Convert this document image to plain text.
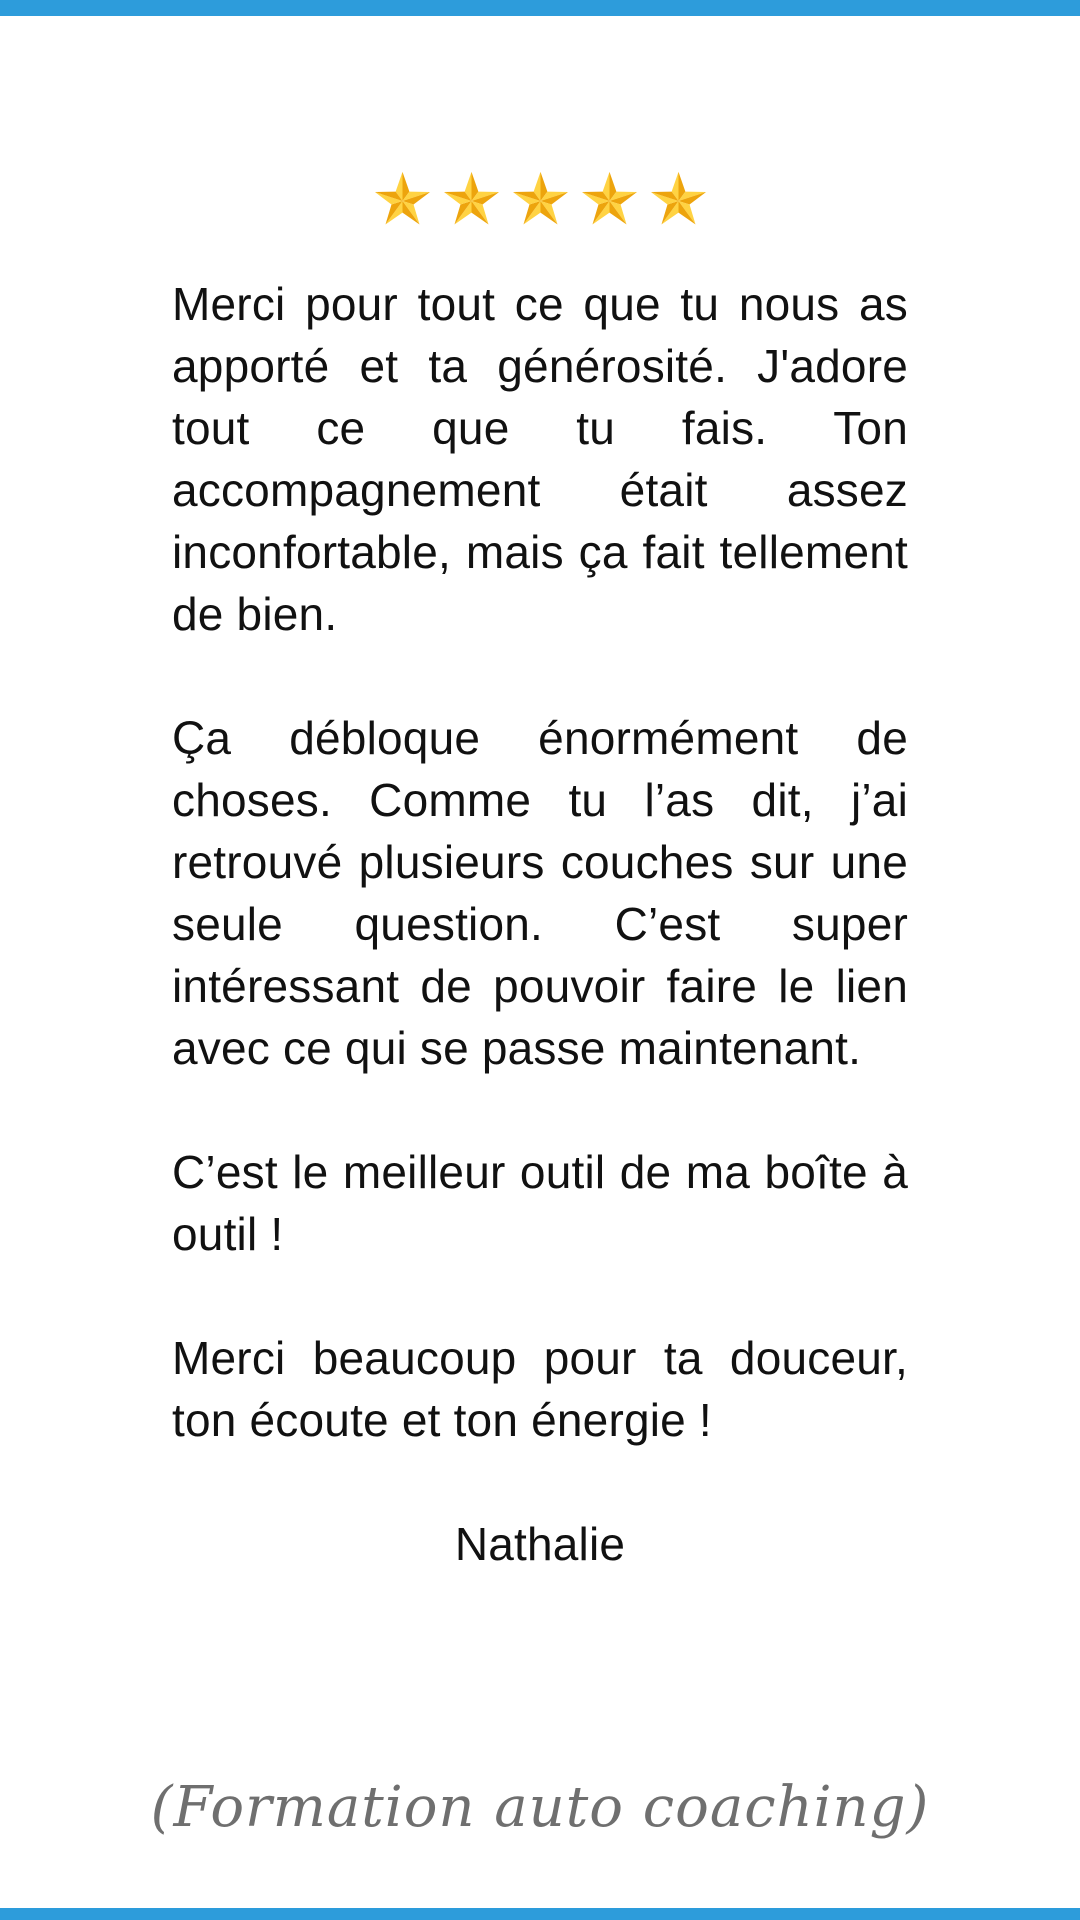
Merci pour tout ce que tu nous as apporté et ta générosité. J'adore tout ce que tu fais. Ton accompagnement était assez inconfortable, mais ça fait tellement de bien.

Ça débloque énormément de choses. Comme tu l’as dit, j’ai retrouvé plusieurs couches sur une seule question. C’est super intéressant de pouvoir faire le lien avec ce qui se passe maintenant.

C’est le meilleur outil de ma boîte à outil !

Merci beaucoup pour ta douceur, ton écoute et ton énergie !

Nathalie

(Formation auto coaching)
